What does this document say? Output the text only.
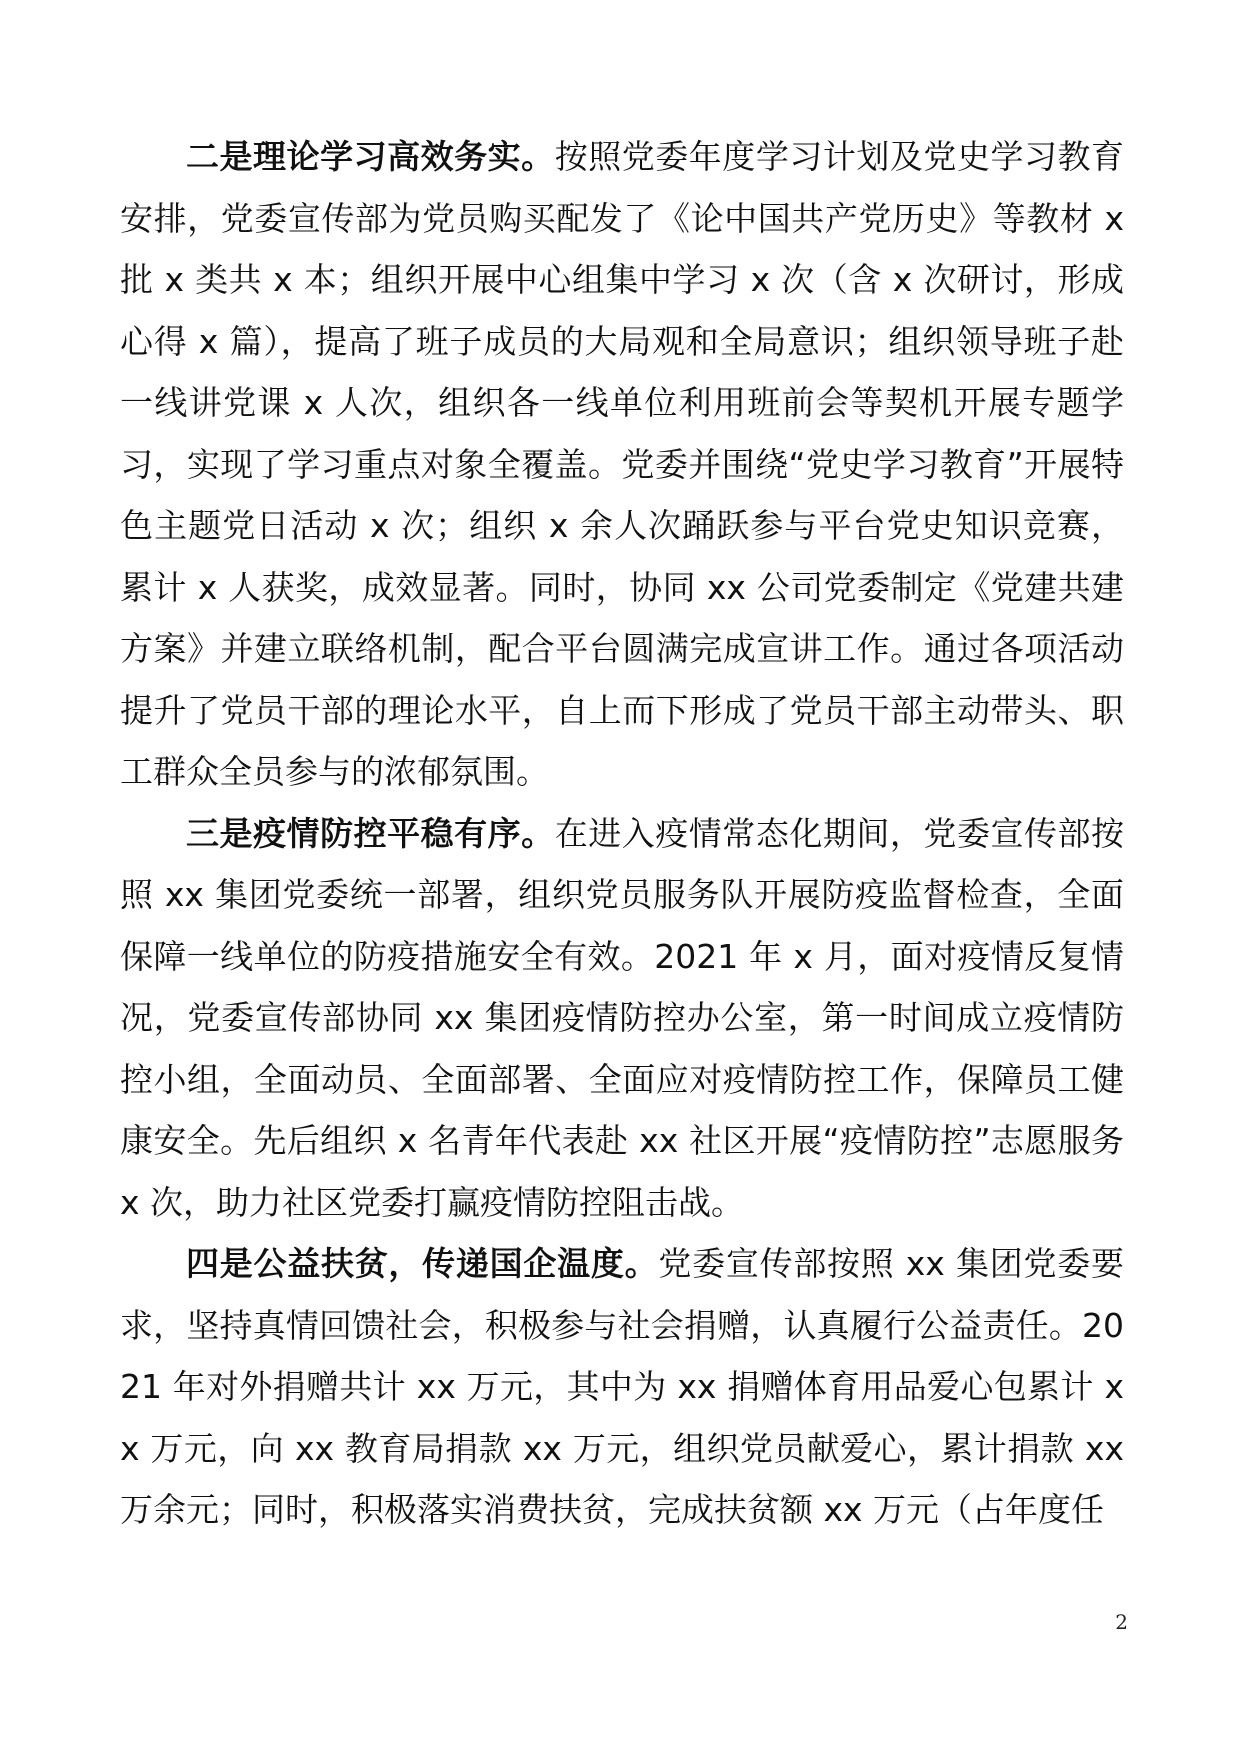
二是理论学习高效务实。按照党委年度学习计划及党史学习教育安排，党委宣传部为党员购买配发了《论中国共产党历史》等教材 x 批 x 类共 x 本；组织开展中心组集中学习 x 次（含 x 次研讨，形成心得 x 篇），提高了班子成员的大局观和全局意识；组织领导班子赴一线讲党课 x 人次，组织各一线单位利用班前会等契机开展专题学习，实现了学习重点对象全覆盖。党委并围绕“党史学习教育”开展特色主题党日活动 x 次；组织 x 余人次踊跃参与平台党史知识竞赛，累计 x 人获奖，成效显著。同时，协同 xx 公司党委制定《党建共建方案》并建立联络机制，配合平台圆满完成宣讲工作。通过各项活动提升了党员干部的理论水平，自上而下形成了党员干部主动带头、职工群众全员参与的浓郁氛围。

三是疫情防控平稳有序。在进入疫情常态化期间，党委宣传部按照 xx 集团党委统一部署，组织党员服务队开展防疫监督检查，全面保障一线单位的防疫措施安全有效。2021 年 x 月，面对疫情反复情况，党委宣传部协同 xx 集团疫情防控办公室，第一时间成立疫情防控小组，全面动员、全面部署、全面应对疫情防控工作，保障员工健康安全。先后组织 x 名青年代表赴 xx 社区开展“疫情防控”志愿服务 x 次，助力社区党委打赢疫情防控阻击战。

四是公益扶贫，传递国企温度。党委宣传部按照 xx 集团党委要求，坚持真情回馈社会，积极参与社会捐赠，认真履行公益责任。2021 年对外捐赠共计 xx 万元，其中为 xx 捐赠体育用品爱心包累计 xx 万元，向 xx 教育局捐款 xx 万元，组织党员献爱心，累计捐款 xx 万余元；同时，积极落实消费扶贫，完成扶贫额 xx 万元（占年度任

2
